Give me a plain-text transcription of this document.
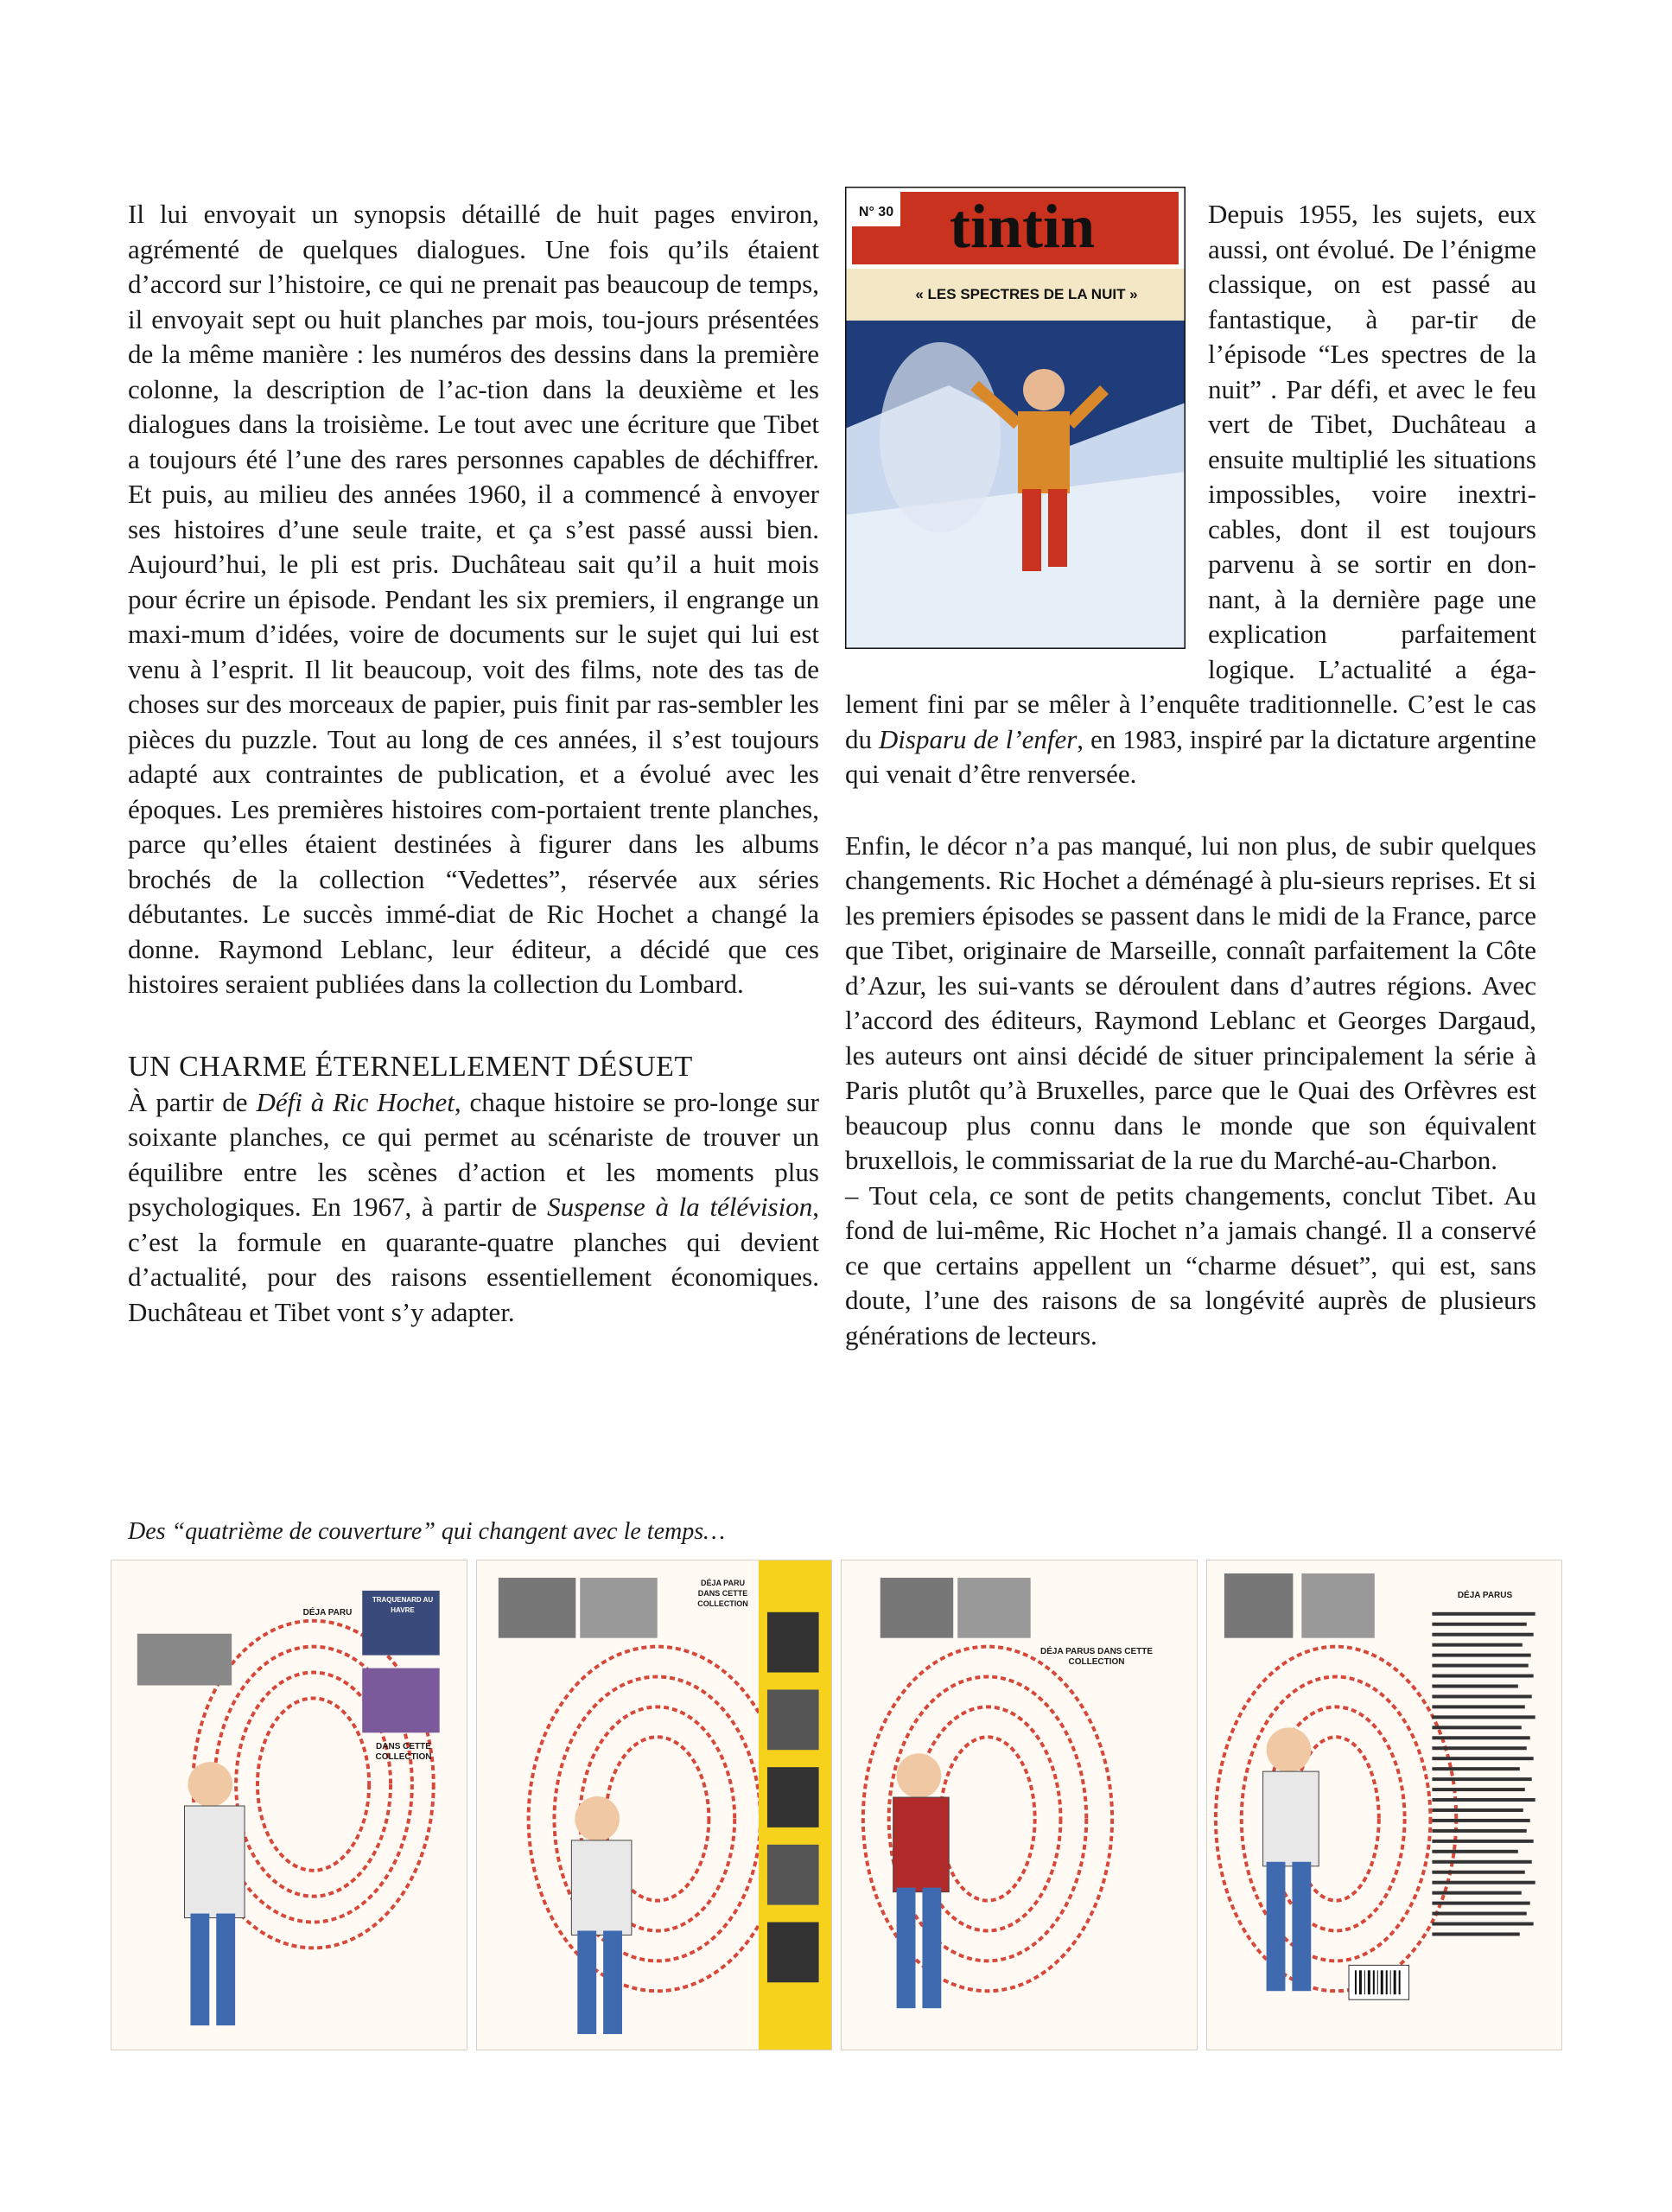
Il lui envoyait un synopsis détaillé de huit pages environ, agrémenté de quelques dialogues. Une fois qu’ils étaient d’accord sur l’histoire, ce qui ne prenait pas beaucoup de temps, il envoyait sept ou huit planches par mois, tou-jours présentées de la même manière : les numéros des dessins dans la première colonne, la description de l’ac-tion dans la deuxième et les dialogues dans la troisième. Le tout avec une écriture que Tibet a toujours été l’une des rares personnes capables de déchiffrer. Et puis, au milieu des années 1960, il a commencé à envoyer ses histoires d’une seule traite, et ça s’est passé aussi bien. Aujourd’hui, le pli est pris. Duchâteau sait qu’il a huit mois pour écrire un épisode. Pendant les six premiers, il engrange un maxi-mum d’idées, voire de documents sur le sujet qui lui est venu à l’esprit. Il lit beaucoup, voit des films, note des tas de choses sur des morceaux de papier, puis finit par ras-sembler les pièces du puzzle. Tout au long de ces années, il s’est toujours adapté aux contraintes de publication, et a évolué avec les époques. Les premières histoires com-portaient trente planches, parce qu’elles étaient destinées à figurer dans les albums brochés de la collection “Vedettes”, réservée aux séries débutantes. Le succès immé-diat de Ric Hochet a changé la donne. Raymond Leblanc, leur éditeur, a décidé que ces histoires seraient publiées dans la collection du Lombard.

UN CHARME ÉTERNELLEMENT DÉSUET

À partir de Défi à Ric Hochet, chaque histoire se pro-longe sur soixante planches, ce qui permet au scénariste de trouver un équilibre entre les scènes d’action et les moments plus psychologiques. En 1967, à partir de Suspense à la télévision, c’est la formule en quarante-quatre planches qui devient d’actualité, pour des raisons essentiellement économiques. Duchâteau et Tibet vont s’y adapter.

tintin
N° 30
« LES SPECTRES DE LA NUIT »

Depuis 1955, les sujets, eux aussi, ont évolué. De l’énigme classique, on est passé au fantastique, à par-tir de l’épisode “Les spectres de la nuit” . Par défi, et avec le feu vert de Tibet, Duchâteau a ensuite multiplié les situations impossibles, voire inextri-cables, dont il est toujours parvenu à se sortir en don-nant, à la dernière page une explication parfaitement logique. L’actualité a éga-lement fini par se mêler à l’enquête traditionnelle. C’est le cas du Disparu de l’enfer, en 1983, inspiré par la dictature argentine qui venait d’être renversée.

Enfin, le décor n’a pas manqué, lui non plus, de subir quelques changements. Ric Hochet a déménagé à plu-sieurs reprises. Et si les premiers épisodes se passent dans le midi de la France, parce que Tibet, originaire de Marseille, connaît parfaitement la Côte d’Azur, les sui-vants se déroulent dans d’autres régions. Avec l’accord des éditeurs, Raymond Leblanc et Georges Dargaud, les auteurs ont ainsi décidé de situer principalement la série à Paris plutôt qu’à Bruxelles, parce que le Quai des Orfèvres est beaucoup plus connu dans le monde que son équivalent bruxellois, le commissariat de la rue du Marché-au-Charbon.

– Tout cela, ce sont de petits changements, conclut Tibet. Au fond de lui-même, Ric Hochet n’a jamais changé. Il a conservé ce que certains appellent un “charme désuet”, qui est, sans doute, l’une des raisons de sa longévité auprès de plusieurs générations de lecteurs.

Des “quatrième de couverture” qui changent avec le temps…
DÉJA PARU
DANS CETTE COLLECTION
TRAQUENARD AU HAVRE
DÉJA PARU DANS CETTE COLLECTION
DÉJA PARUS DANS CETTE COLLECTION
DÉJA PARUS
